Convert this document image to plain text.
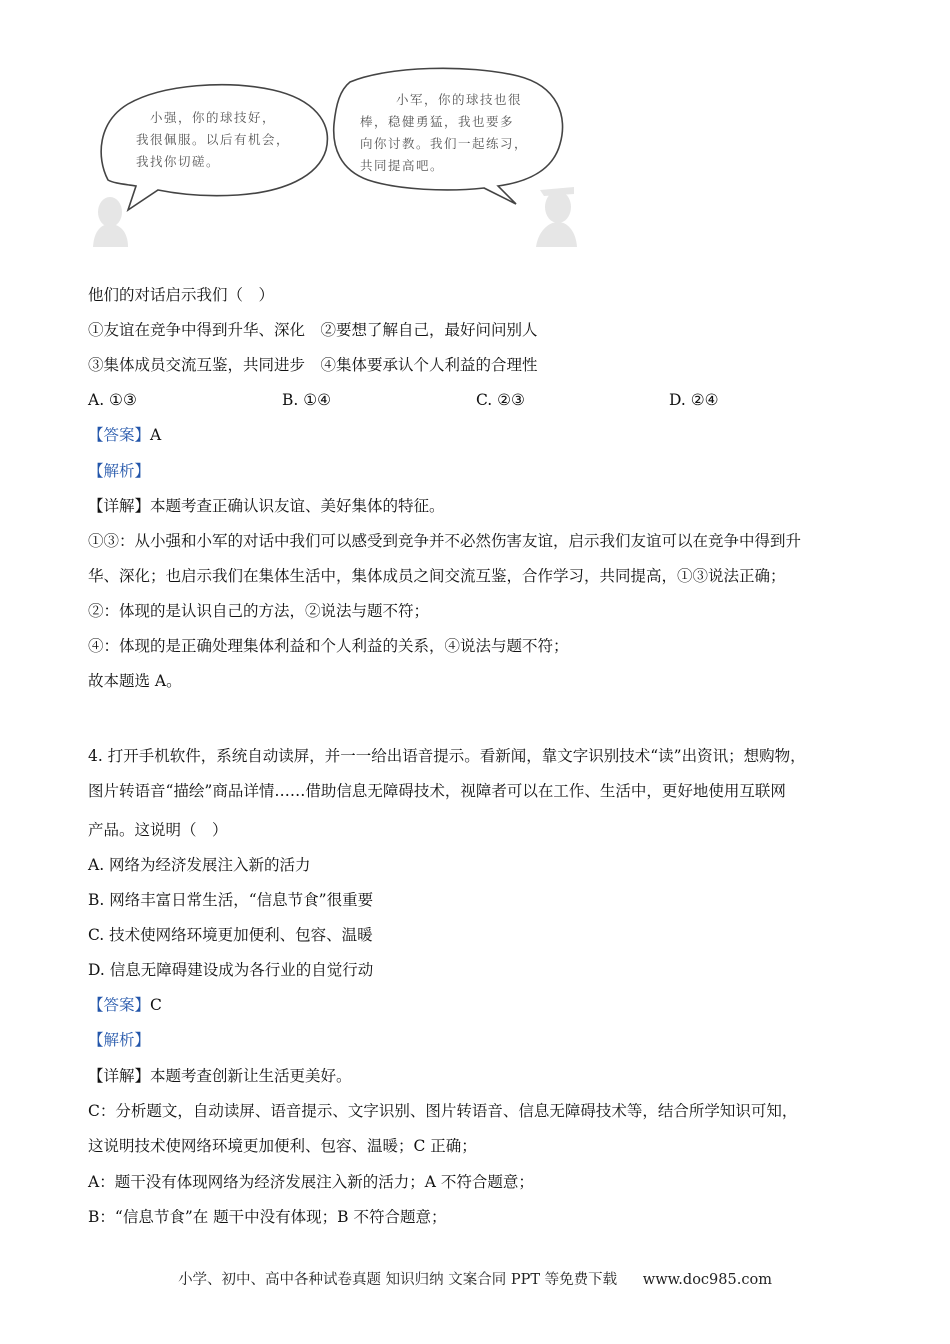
小强，你的球技好，
我很佩服。以后有机会，
我找你切磋。
小军，你的球技也很
棒，稳健勇猛，我也要多
向你讨教。我们一起练习，
共同提高吧。
他们的对话启示我们（　）
①友谊在竞争中得到升华、深化　②要想了解自己，最好问问别人
③集体成员交流互鉴，共同进步　④集体要承认个人利益的合理性
A. ①③	B. ①④	C. ②③	D. ②④
【答案】A
【解析】
【详解】本题考查正确认识友谊、美好集体的特征。
①③：从小强和小军的对话中我们可以感受到竞争并不必然伤害友谊，启示我们友谊可以在竞争中得到升
华、深化；也启示我们在集体生活中，集体成员之间交流互鉴，合作学习，共同提高，①③说法正确；
②：体现的是认识自己的方法，②说法与题不符；
④：体现的是正确处理集体利益和个人利益的关系，④说法与题不符；
故本题选 A。
4. 打开手机软件，系统自动读屏，并一一给出语音提示。看新闻，靠文字识别技术“读”出资讯；想购物，
图片转语音“描绘”商品详情……借助信息无障碍技术，视障者可以在工作、生活中，更好地使用互联网
产品。这说明（　）
A. 网络为经济发展注入新的活力
B. 网络丰富日常生活，“信息节食”很重要
C. 技术使网络环境更加便利、包容、温暖
D. 信息无障碍建设成为各行业的自觉行动
【答案】C
【解析】
【详解】本题考查创新让生活更美好。
C：分析题文，自动读屏、语音提示、文字识别、图片转语音、信息无障碍技术等，结合所学知识可知，
这说明技术使网络环境更加便利、包容、温暖；C 正确；
A：题干没有体现网络为经济发展注入新的活力；A 不符合题意；
B：“信息节食”在 题干中没有体现；B 不符合题意；
小学、初中、高中各种试卷真题 知识归纳 文案合同 PPT 等免费下载 www.doc985.com
